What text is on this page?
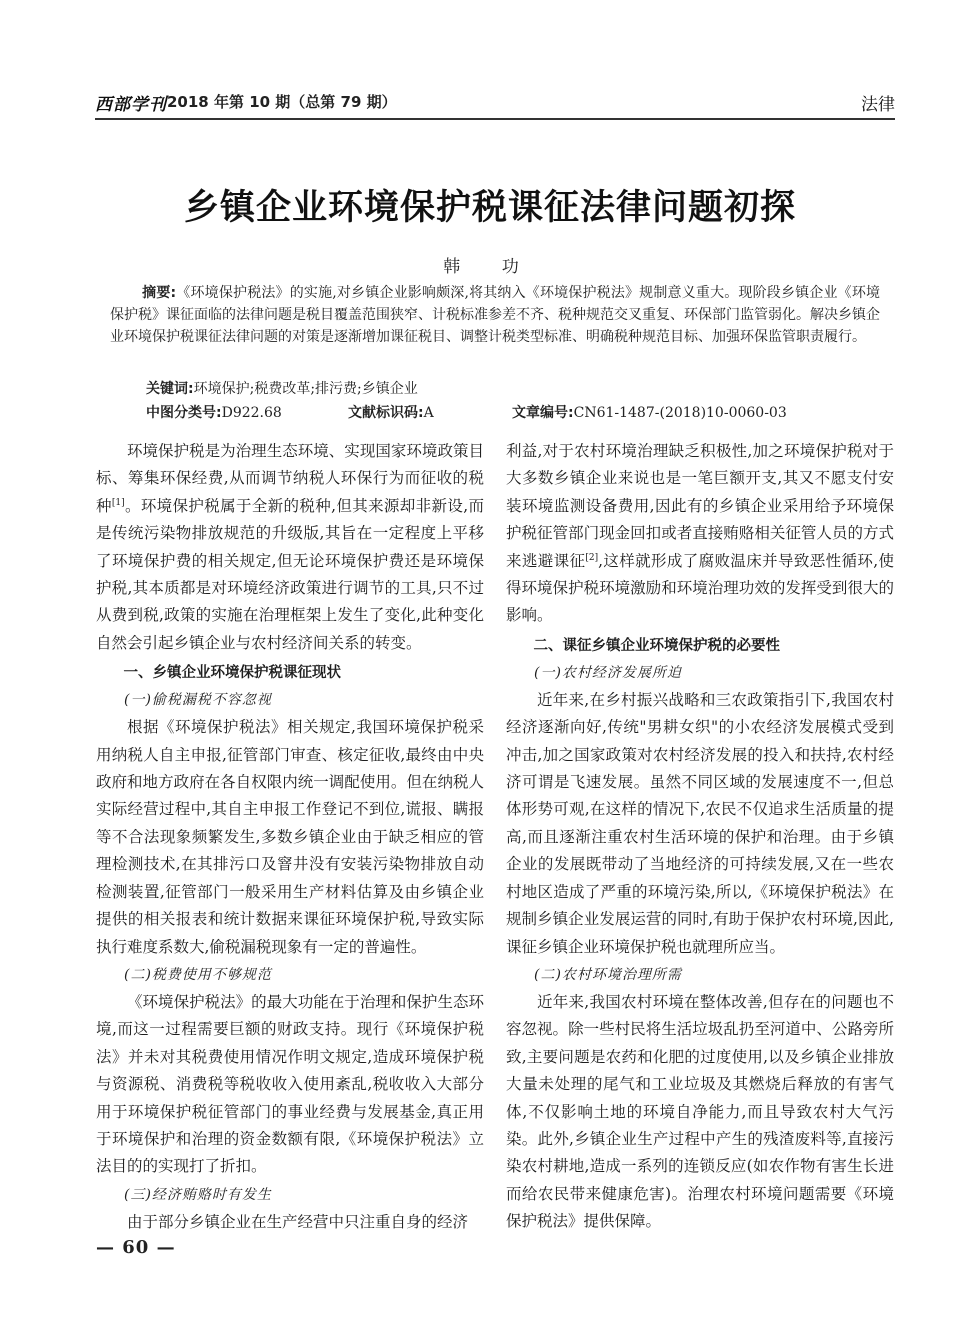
西部学刊 2018 年第 10 期（总第 79 期）	法律
乡镇企业环境保护税课征法律问题初探
韩 功
摘要:《环境保护税法》的实施,对乡镇企业影响颇深,将其纳入《环境保护税法》规制意义重大。现阶段乡镇企业《环境保护税》课征面临的法律问题是税目覆盖范围狭窄、计税标准参差不齐、税种规范交叉重复、环保部门监管弱化。解决乡镇企业环境保护税课征法律问题的对策是逐渐增加课征税目、调整计税类型标准、明确税种规范目标、加强环保监管职责履行。
关键词:环境保护;税费改革;排污费;乡镇企业
中图分类号:D922.68	文献标识码:A	文章编号:CN61-1487-(2018)10-0060-03

环境保护税是为治理生态环境、实现国家环境政策目标、筹集环保经费,从而调节纳税人环保行为而征收的税种[1]。环境保护税属于全新的税种,但其来源却非新设,而是传统污染物排放规范的升级版,其旨在一定程度上平移了环境保护费的相关规定,但无论环境保护费还是环境保护税,其本质都是对环境经济政策进行调节的工具,只不过从费到税,政策的实施在治理框架上发生了变化,此种变化自然会引起乡镇企业与农村经济间关系的转变。

一、乡镇企业环境保护税课征现状
(一)偷税漏税不容忽视

根据《环境保护税法》相关规定,我国环境保护税采用纳税人自主申报,征管部门审查、核定征收,最终由中央政府和地方政府在各自权限内统一调配使用。但在纳税人实际经营过程中,其自主申报工作登记不到位,谎报、瞒报等不合法现象频繁发生,多数乡镇企业由于缺乏相应的管理检测技术,在其排污口及窨井没有安装污染物排放自动检测装置,征管部门一般采用生产材料估算及由乡镇企业提供的相关报表和统计数据来课征环境保护税,导致实际执行难度系数大,偷税漏税现象有一定的普遍性。

(二)税费使用不够规范

《环境保护税法》的最大功能在于治理和保护生态环境,而这一过程需要巨额的财政支持。现行《环境保护税法》并未对其税费使用情况作明文规定,造成环境保护税与资源税、消费税等税收收入使用紊乱,税收收入大部分用于环境保护税征管部门的事业经费与发展基金,真正用于环境保护和治理的资金数额有限,《环境保护税法》立法目的的实现打了折扣。

(三)经济贿赂时有发生

由于部分乡镇企业在生产经营中只注重自身的经济

利益,对于农村环境治理缺乏积极性,加之环境保护税对于大多数乡镇企业来说也是一笔巨额开支,其又不愿支付安装环境监测设备费用,因此有的乡镇企业采用给予环境保护税征管部门现金回扣或者直接贿赂相关征管人员的方式来逃避课征[2],这样就形成了腐败温床并导致恶性循环,使得环境保护税环境激励和环境治理功效的发挥受到很大的影响。

二、课征乡镇企业环境保护税的必要性
(一)农村经济发展所迫

近年来,在乡村振兴战略和三农政策指引下,我国农村经济逐渐向好,传统"男耕女织"的小农经济发展模式受到冲击,加之国家政策对农村经济发展的投入和扶持,农村经济可谓是飞速发展。虽然不同区域的发展速度不一,但总体形势可观,在这样的情况下,农民不仅追求生活质量的提高,而且逐渐注重农村生活环境的保护和治理。由于乡镇企业的发展既带动了当地经济的可持续发展,又在一些农村地区造成了严重的环境污染,所以,《环境保护税法》在规制乡镇企业发展运营的同时,有助于保护农村环境,因此,课征乡镇企业环境保护税也就理所应当。

(二)农村环境治理所需

近年来,我国农村环境在整体改善,但存在的问题也不容忽视。除一些村民将生活垃圾乱扔至河道中、公路旁所致,主要问题是农药和化肥的过度使用,以及乡镇企业排放大量未处理的尾气和工业垃圾及其燃烧后释放的有害气体,不仅影响土地的环境自净能力,而且导致农村大气污染。此外,乡镇企业生产过程中产生的残渣废料等,直接污染农村耕地,造成一系列的连锁反应(如农作物有害生长进而给农民带来健康危害)。治理农村环境问题需要《环境保护税法》提供保障。

— 60 —
